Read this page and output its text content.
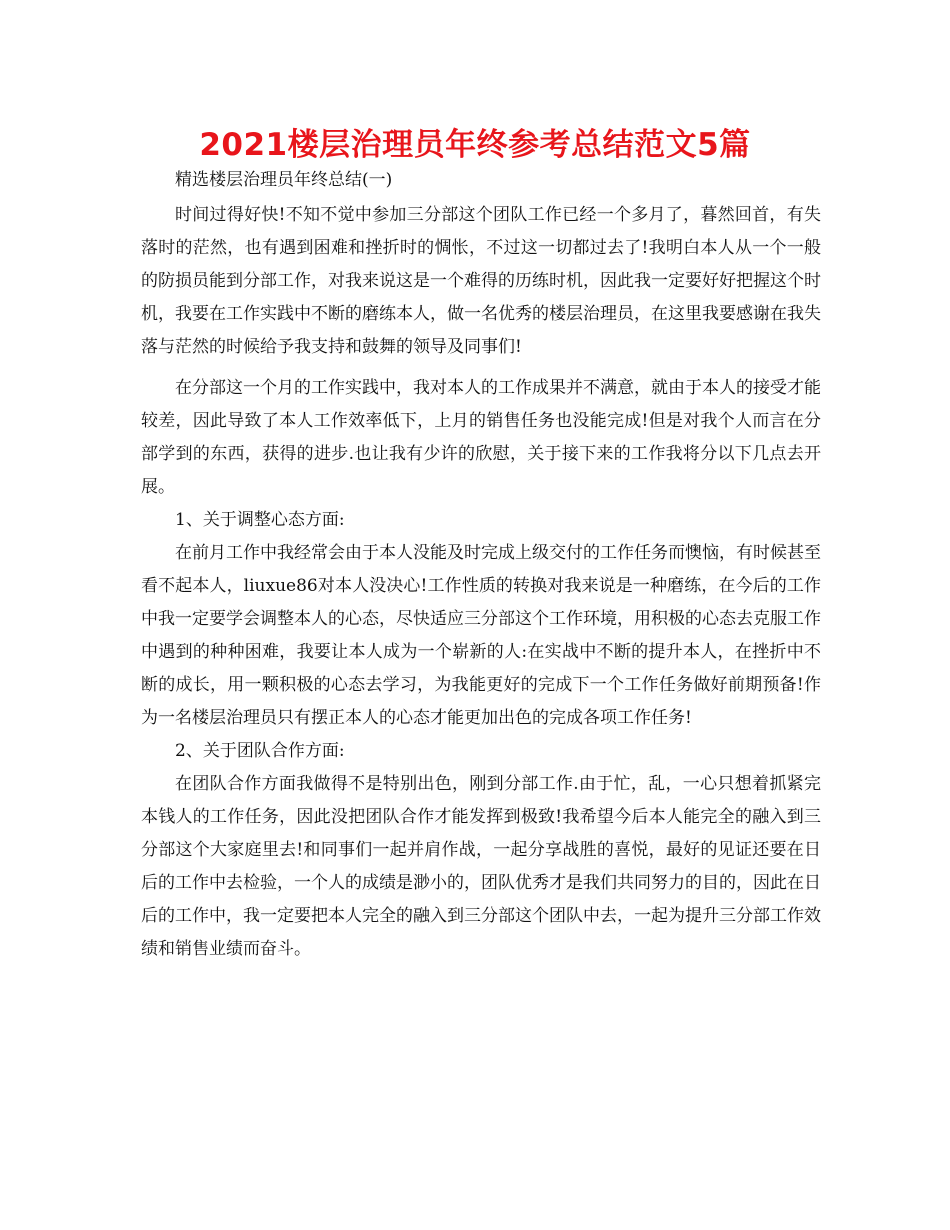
2021楼层治理员年终参考总结范文5篇

精选楼层治理员年终总结(一)

时间过得好快!不知不觉中参加三分部这个团队工作已经一个多月了，暮然回首，有失落时的茫然，也有遇到困难和挫折时的惆怅，不过这一切都过去了!我明白本人从一个一般的防损员能到分部工作，对我来说这是一个难得的历练时机，因此我一定要好好把握这个时机，我要在工作实践中不断的磨练本人，做一名优秀的楼层治理员，在这里我要感谢在我失落与茫然的时候给予我支持和鼓舞的领导及同事们!

在分部这一个月的工作实践中，我对本人的工作成果并不满意，就由于本人的接受才能较差，因此导致了本人工作效率低下，上月的销售任务也没能完成!但是对我个人而言在分部学到的东西，获得的进步.也让我有少许的欣慰，关于接下来的工作我将分以下几点去开展。

1、关于调整心态方面:

在前月工作中我经常会由于本人没能及时完成上级交付的工作任务而懊恼，有时候甚至看不起本人，liuxue86对本人没决心!工作性质的转换对我来说是一种磨练，在今后的工作中我一定要学会调整本人的心态，尽快适应三分部这个工作环境，用积极的心态去克服工作中遇到的种种困难，我要让本人成为一个崭新的人:在实战中不断的提升本人，在挫折中不断的成长，用一颗积极的心态去学习，为我能更好的完成下一个工作任务做好前期预备!作为一名楼层治理员只有摆正本人的心态才能更加出色的完成各项工作任务!

2、关于团队合作方面:

在团队合作方面我做得不是特别出色，刚到分部工作.由于忙，乱，一心只想着抓紧完本钱人的工作任务，因此没把团队合作才能发挥到极致!我希望今后本人能完全的融入到三分部这个大家庭里去!和同事们一起并肩作战，一起分享战胜的喜悦，最好的见证还要在日后的工作中去检验，一个人的成绩是渺小的，团队优秀才是我们共同努力的目的，因此在日后的工作中，我一定要把本人完全的融入到三分部这个团队中去，一起为提升三分部工作效绩和销售业绩而奋斗。
